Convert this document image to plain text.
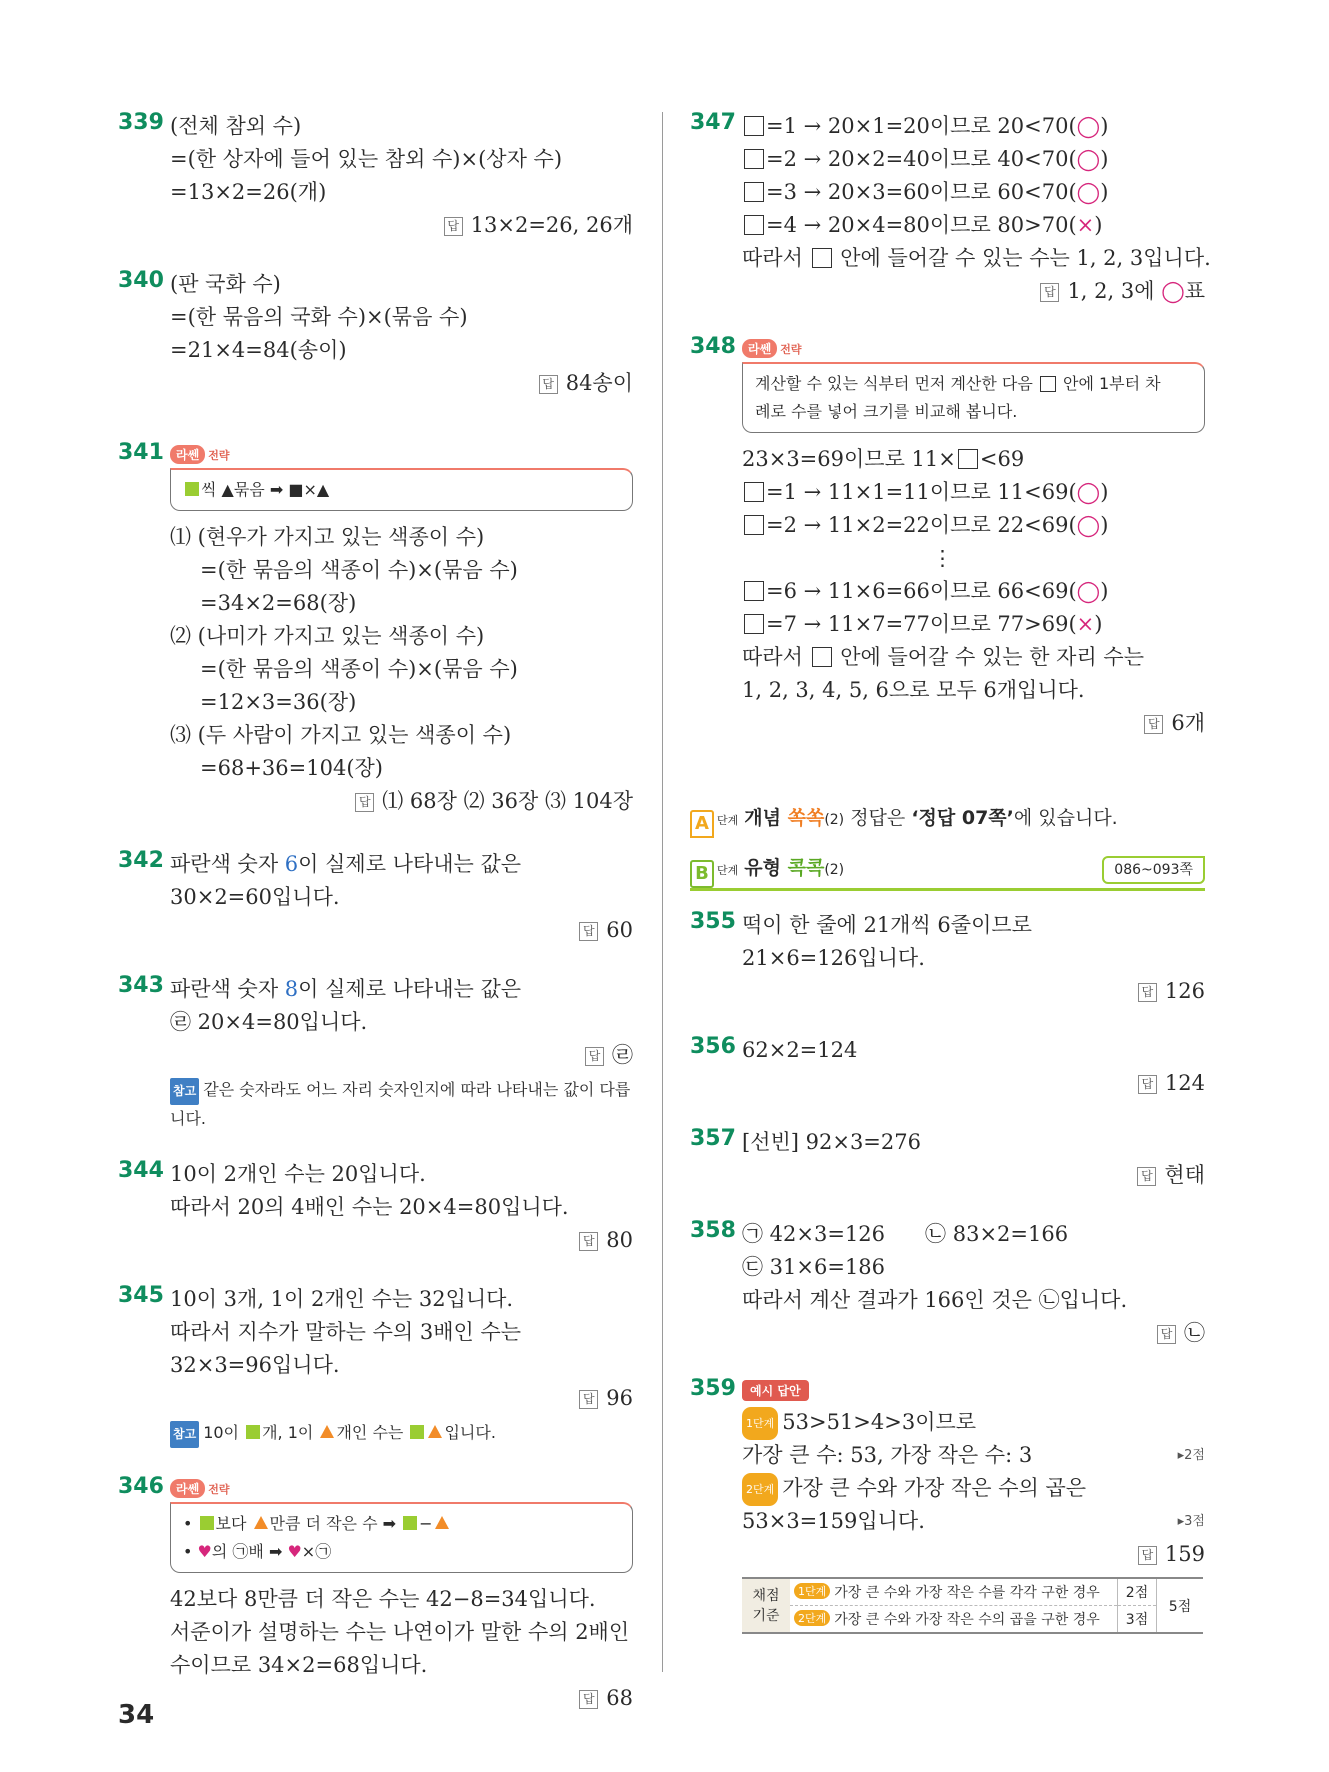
339 (전체 참외 수)
=(한 상자에 들어 있는 참외 수)×(상자 수)
=13×2=26(개)
답 13×2=26, 26개
340 (판 국화 수)
=(한 묶음의 국화 수)×(묶음 수)
=21×4=84(송이)
답 84송이
341	라쎈 전략
씩 ▲묶음 ➡ ■×▲
⑴ (현우가 가지고 있는 색종이 수)
=(한 묶음의 색종이 수)×(묶음 수)
=34×2=68(장)
⑵ (나미가 가지고 있는 색종이 수)
=(한 묶음의 색종이 수)×(묶음 수)
=12×3=36(장)
⑶ (두 사람이 가지고 있는 색종이 수)
=68+36=104(장)
답 ⑴ 68장 ⑵ 36장 ⑶ 104장
342 파란색 숫자 6이 실제로 나타내는 값은
30×2=60입니다.
답 60
343 파란색 숫자 8이 실제로 나타내는 값은
㉣ 20×4=80입니다.
답 ㉣
참고 같은 숫자라도 어느 자리 숫자인지에 따라 나타내는 값이 다릅니다.
344 10이 2개인 수는 20입니다.
따라서 20의 4배인 수는 20×4=80입니다.
답 80
345 10이 3개, 1이 2개인 수는 32입니다.
따라서 지수가 말하는 수의 3배인 수는
32×3=96입니다.
답 96
참고 10이 개, 1이 개인 수는 입니다.
346	라쎈 전략
• 보다 만큼 더 작은 수 ➡ −
• ♥의 ㉠배 ➡ ♥×㉠
42보다 8만큼 더 작은 수는 42−8=34입니다.
서준이가 설명하는 수는 나연이가 말한 수의 2배인
수이므로 34×2=68입니다.
답 68
347	=1 → 20×1=20이므로 20<70(◯)
=2 → 20×2=40이므로 40<70(◯)
=3 → 20×3=60이므로 60<70(◯)
=4 → 20×4=80이므로 80>70(×)
따라서  안에 들어갈 수 있는 수는 1, 2, 3입니다.
답 1, 2, 3에 ◯표
348	라쎈 전략
계산할 수 있는 식부터 먼저 계산한 다음  안에 1부터 차
례로 수를 넣어 크기를 비교해 봅니다.
23×3=69이므로 11× <69
=1 → 11×1=11이므로 11<69(◯)
=2 → 11×2=22이므로 22<69(◯)
⋮
=6 → 11×6=66이므로 66<69(◯)
=7 → 11×7=77이므로 77>69(×)
따라서  안에 들어갈 수 있는 한 자리 수는
1, 2, 3, 4, 5, 6으로 모두 6개입니다.
답 6개
A 단계 개념 쏙쏙(2) 정답은 ‘정답 07쪽’에 있습니다.
B 단계 유형 콕콕(2)	086~093쪽
355 떡이 한 줄에 21개씩 6줄이므로
21×6=126입니다.
답 126
356 62×2=124
답 124
357 [선빈] 92×3=276
답 현태
358 ㉠ 42×3=126 ㉡ 83×2=166
㉢ 31×6=186
따라서 계산 결과가 166인 것은 ㉡입니다.
답 ㉡
359	예시 답안
1단계 53>51>4>3이므로
가장 큰 수: 53, 가장 작은 수: 3	▸2점
2단계 가장 큰 수와 가장 작은 수의 곱은
53×3=159입니다.	▸3점
답 159
채점
기준	1단계 가장 큰 수와 가장 작은 수를 각각 구한 경우	2점	5점
	2단계 가장 큰 수와 가장 작은 수의 곱을 구한 경우	3점	
34
